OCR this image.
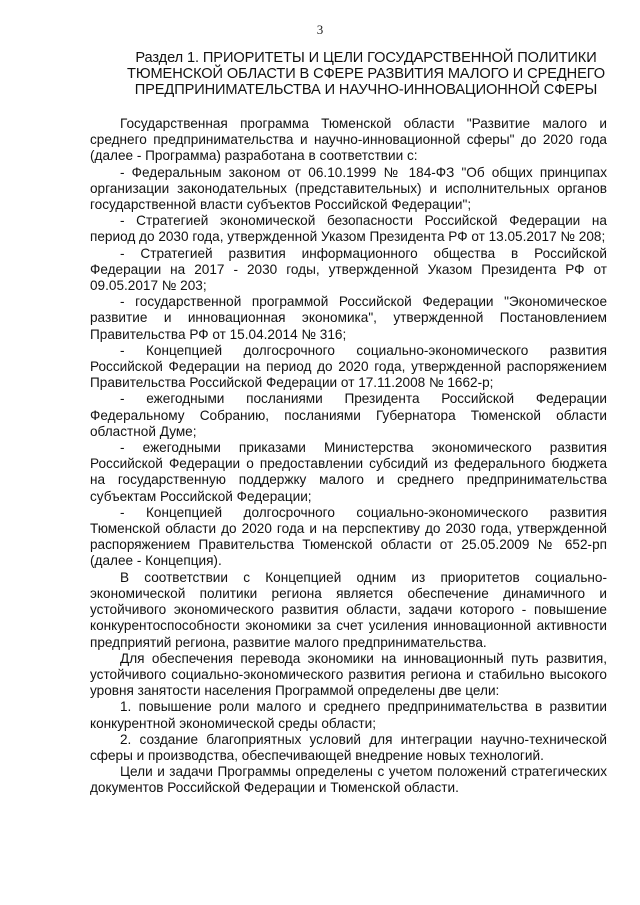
3
Раздел 1. ПРИОРИТЕТЫ И ЦЕЛИ ГОСУДАРСТВЕННОЙ ПОЛИТИКИ
ТЮМЕНСКОЙ ОБЛАСТИ В СФЕРЕ РАЗВИТИЯ МАЛОГО И СРЕДНЕГО
ПРЕДПРИНИМАТЕЛЬСТВА И НАУЧНО-ИННОВАЦИОННОЙ СФЕРЫ

Государственная программа Тюменской области "Развитие малого и среднего предпринимательства и научно-инновационной сферы" до 2020 года (далее - Программа) разработана в соответствии с:

- Федеральным законом от 06.10.1999 № 184-ФЗ "Об общих принципах организации законодательных (представительных) и исполнительных органов государственной власти субъектов Российской Федерации";

- Стратегией экономической безопасности Российской Федерации на период до 2030 года, утвержденной Указом Президента РФ от 13.05.2017 № 208;

- Стратегией развития информационного общества в Российской Федерации на 2017 - 2030 годы, утвержденной Указом Президента РФ от 09.05.2017 № 203;

- государственной программой Российской Федерации "Экономическое развитие и инновационная экономика", утвержденной Постановлением Правительства РФ от 15.04.2014 № 316;

- Концепцией долгосрочного социально-экономического развития Российской Федерации на период до 2020 года, утвержденной распоряжением Правительства Российской Федерации от 17.11.2008 № 1662-р;

- ежегодными посланиями Президента Российской Федерации Федеральному Собранию, посланиями Губернатора Тюменской области областной Думе;

- ежегодными приказами Министерства экономического развития Российской Федерации о предоставлении субсидий из федерального бюджета на государственную поддержку малого и среднего предпринимательства субъектам Российской Федерации;

- Концепцией долгосрочного социально-экономического развития Тюменской области до 2020 года и на перспективу до 2030 года, утвержденной распоряжением Правительства Тюменской области от 25.05.2009 № 652-рп (далее - Концепция).

В соответствии с Концепцией одним из приоритетов социально-экономической политики региона является обеспечение динамичного и устойчивого экономического развития области, задачи которого - повышение конкурентоспособности экономики за счет усиления инновационной активности предприятий региона, развитие малого предпринимательства.

Для обеспечения перевода экономики на инновационный путь развития, устойчивого социально-экономического развития региона и стабильно высокого уровня занятости населения Программой определены две цели:

1. повышение роли малого и среднего предпринимательства в развитии конкурентной экономической среды области;

2. создание благоприятных условий для интеграции научно-технической сферы и производства, обеспечивающей внедрение новых технологий.

Цели и задачи Программы определены с учетом положений стратегических документов Российской Федерации и Тюменской области.
